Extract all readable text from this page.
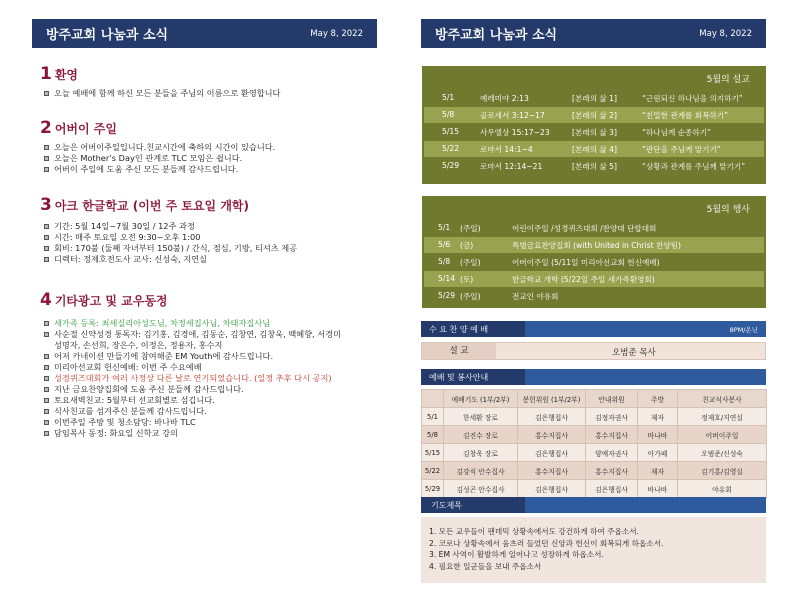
방주교회 나눔과 소식	May 8, 2022
1 환영
오늘 예배에 함께 하신 모든 분들을 주님의 이름으로 환영합니다
2 어버이 주일
오늘은 어버이주일입니다.친교시간에 축하의 시간이 있습니다.
오늘은 Mother’s Day인 관계로 TLC 모임은 쉽니다.
어버이 주일에 도움 주신 모든 분들께 감사드립니다.
3 아크 한글학교 (이번 주 토요일 개학)
기간: 5월 14일~7월 30일 / 12주 과정
시간: 매주 토요일 오전 9:30~오후 1:00
회비: 170불 (둘째 자녀부터 150불) / 간식, 점심, 기방, 티셔츠 제공
디렉터: 정제호전도사 교사: 신성숙, 지연실
4 기타광고 및 교우동정
새가족 등록: 최세실리아성도님, 차정세집사님, 차태자집사님
사순절 신약성경 통독자: 김기홍, 김경애, 김동순, 김창연, 김창욱, 백혜향, 서경미
성명자, 손선희, 장은수, 이정은, 정용자, 홍수지
어저 카네이션 만들기에 참여해준 EM Youth에 감사드립니다.
미리아선교회 헌신예배: 이번 주 수요예배
성경퀴즈대회가 여러 사정상 다른 날로 연기되었습니다. (일정 추후 다시 공지)
지난 금요찬양집회에 도움 주신 분들께 감사드립니다.
토요새벽친교: 5월부터 선교회별로 섬깁니다.
식사친교를 섬겨주신 분들께 감사드립니다.
이번주일 주방 및 청소담당: 바나바 TLC
담임목사 동정: 화요일 신학교 강의
방주교회 나눔과 소식	May 8, 2022
5월의 설교
5/1	예레미야 2:13	[본래의 삶 1]	“근원되신 하나님을 의지하기”
5/8	골로새서 3:12~17	[본래의 삶 2]	“친밀한 관계를 회복하기”
5/15	사무엘상 15:17~23	[본래의 삶 3]	“하나님께 순종하기”
5/22	로마서 14:1~4	[본래의 삶 4]	“판단을 주님께 맡기기”
5/29	로마서 12:14~21	[본래의 삶 5]	“상황과 관계를 주님께 맡기기”
5월의 행사
5/1 (주일)	어린이주일 /성경퀴즈대회 /찬양대 단합대회
5/6 (금)	특별금요찬양집회 (with United in Christ 찬양팀)
5/8 (주일)	어버이주일 (5/11일 미리아선교회 헌신예배)
5/14 (토)	한글학교 개학 (5/22일 주일 새가족환영회)
5/29 (주일)	전교인 야유회
수 요 찬 양 예 배	8PM/온닌
설 교	오범준 목사
예배 및 봉사안내
	예배기도 (1부/2부)	봉헌위원 (1부/2부)	안내위원	주방	친교식사봉사
5/1	한세환 장로	김은행집사	김정자권사	재자	정재호/지연실
5/8	김진수 장로	홍수지집사	홍수지집사	바나바	어버이주일
5/15	김창욱 장로	김은행집사	양예자권사	아가페	오범준/신성숙
5/22	김강식 안수집사	홍수지집사	홍수지집사	재자	김기홍/김영실
5/29	김성곤 안수집사	김은행집사	김은행집사	바나바	야유회
기도제목
1. 모든 교우들이 팬데믹 상황속에서도 강건하게 하여 주옵소서.
2. 코로나 상황속에서 움츠러 들었던 신앙과 헌신이 회복되게 하옵소서.
3. EM 사역이 활발하게 일어나고 성장하게 하옵소서.
4. 필요한 일군들을 보내 주옵소서
